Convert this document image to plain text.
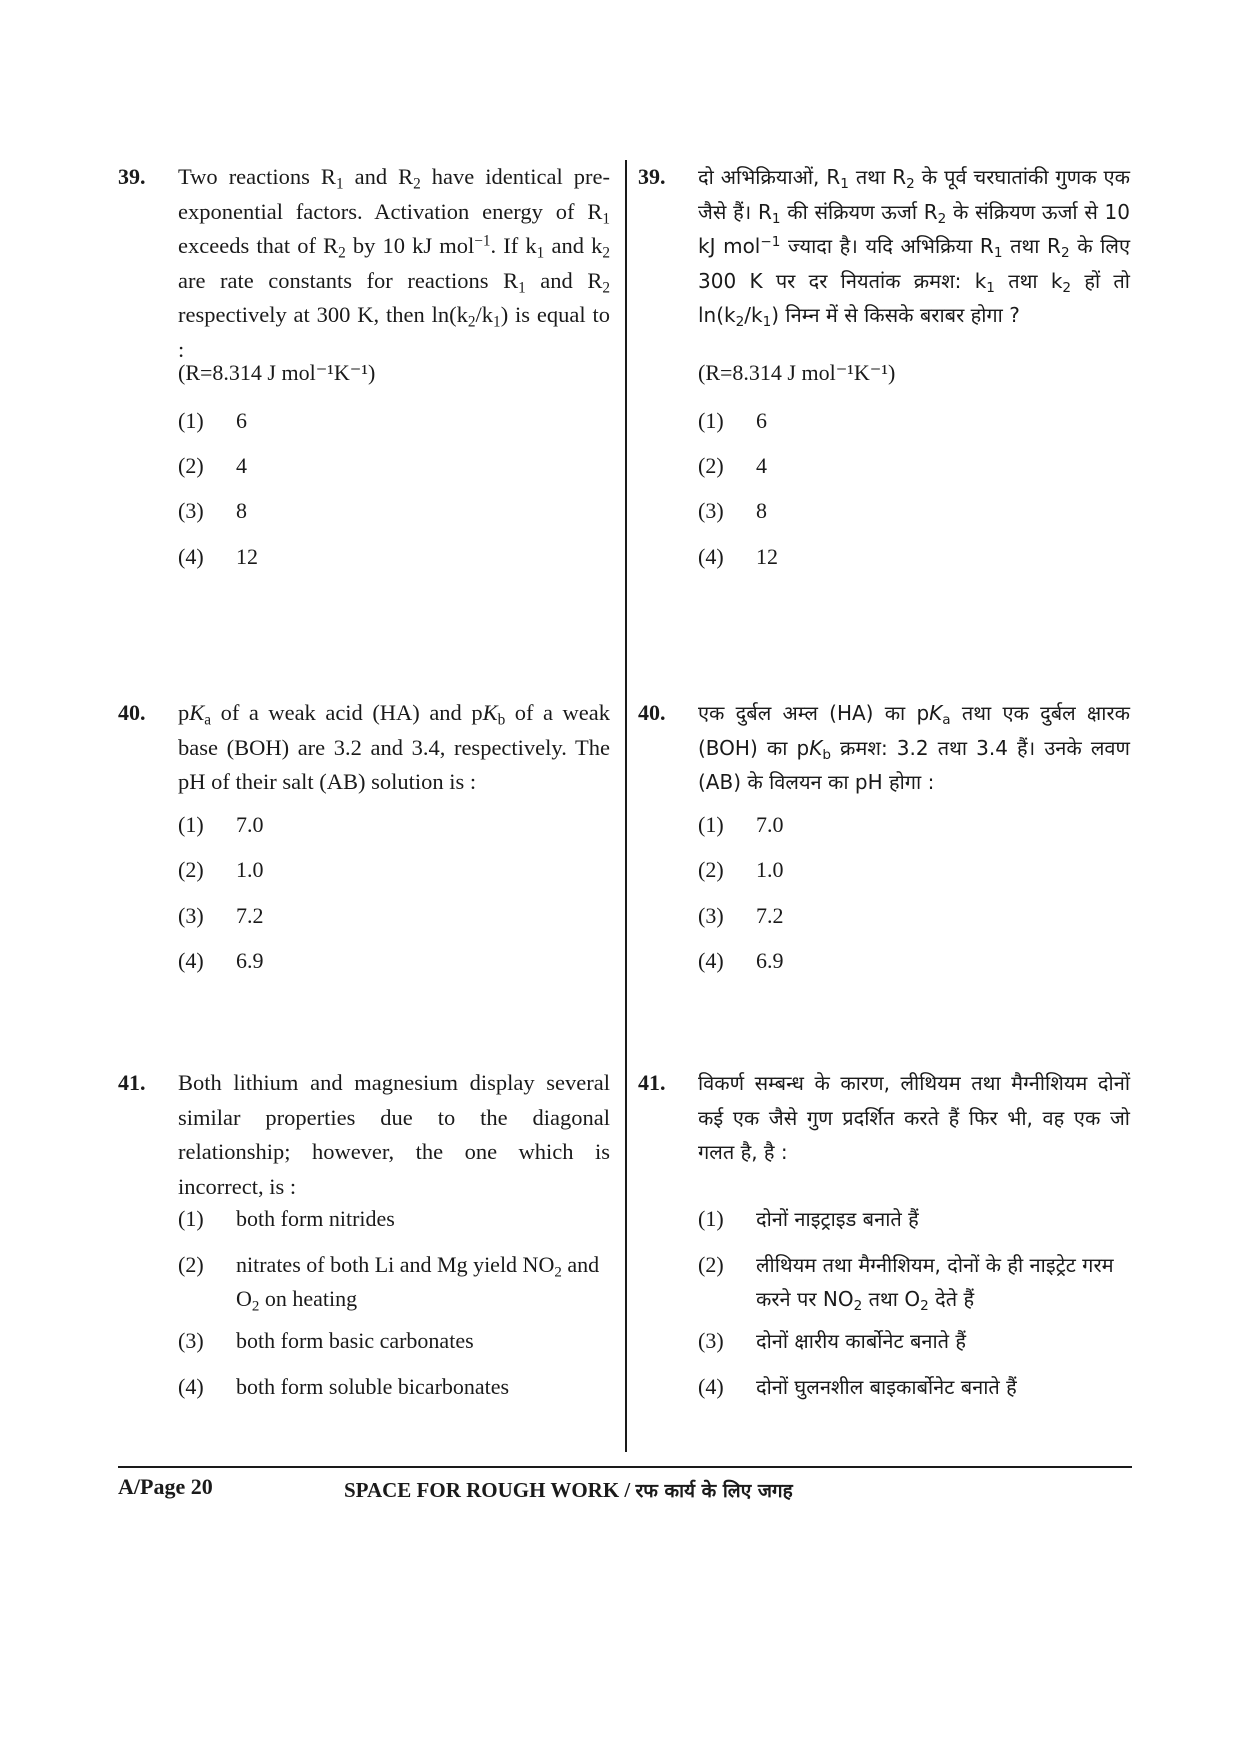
39. Two reactions $R_1$ and $R_2$ have identical pre-exponential factors. Activation energy of $R_1$ exceeds that of $R_2$ by 10 kJ mol$^{-1}$. If $k_1$ and $k_2$ are rate constants for reactions $R_1$ and $R_2$ respectively at 300 K, then $\ln(k_2/k_1)$ is equal to :
(R=8.314 J mol⁻¹K⁻¹)
(1) 6
(2) 4
(3) 8
(4) 12
40. $pK_a$ of a weak acid (HA) and $pK_b$ of a weak base (BOH) are 3.2 and 3.4, respectively. The pH of their salt (AB) solution is :
(1) 7.0
(2) 1.0
(3) 7.2
(4) 6.9
41. Both lithium and magnesium display several similar properties due to the diagonal relationship; however, the one which is incorrect, is :
(1) both form nitrides
(2) nitrates of both Li and Mg yield $NO_2$ and $O_2$ on heating
(3) both form basic carbonates
(4) both form soluble bicarbonates
39. दो अभिक्रियाओं, $R_1$ तथा $R_2$ के पूर्व चरघातांकी गुणक एक जैसे हैं। $R_1$ की संक्रियण ऊर्जा $R_2$ के संक्रियण ऊर्जा से 10 kJ mol$^{-1}$ ज्यादा है। यदि अभिक्रिया $R_1$ तथा $R_2$ के लिए 300 K पर दर नियतांक क्रमश: $k_1$ तथा $k_2$ हों तो $\ln(k_2/k_1)$ निम्न में से किसके बराबर होगा ?
(R=8.314 J mol⁻¹K⁻¹)
(1) 6
(2) 4
(3) 8
(4) 12
40. एक दुर्बल अम्ल (HA) का $pK_a$ तथा एक दुर्बल क्षारक (BOH) का $pK_b$ क्रमश: 3.2 तथा 3.4 हैं। उनके लवण (AB) के विलयन का pH होगा :
(1) 7.0
(2) 1.0
(3) 7.2
(4) 6.9
41. विकर्ण सम्बन्ध के कारण, लीथियम तथा मैग्नीशियम दोनों कई एक जैसे गुण प्रदर्शित करते हैं फिर भी, वह एक जो गलत है, है :
(1) दोनों नाइट्राइड बनाते हैं
(2) लीथियम तथा मैग्नीशियम, दोनों के ही नाइट्रेट गरम करने पर $NO_2$ तथा $O_2$ देते हैं
(3) दोनों क्षारीय कार्बोनेट बनाते हैं
(4) दोनों घुलनशील बाइकार्बोनेट बनाते हैं
A/Page 20	SPACE FOR ROUGH WORK / रफ कार्य के लिए जगह
